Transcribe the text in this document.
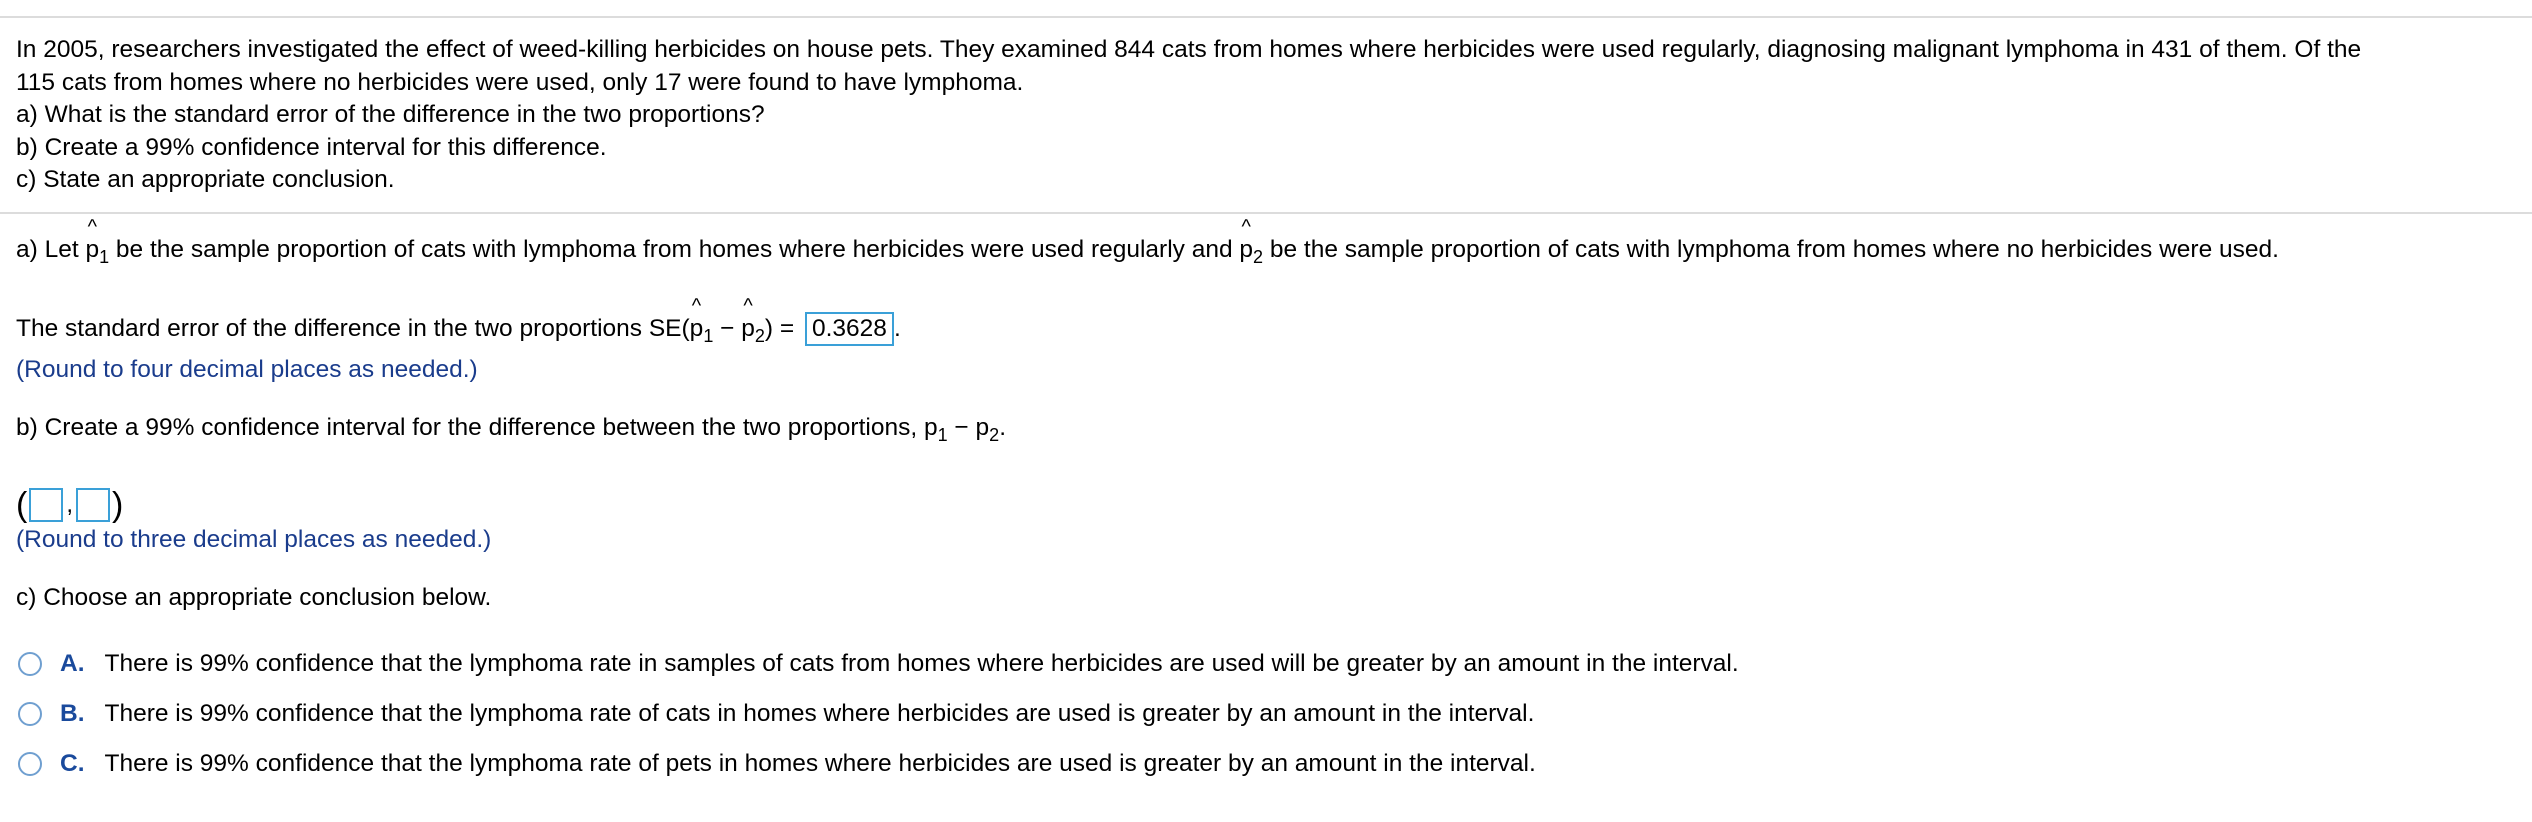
In 2005, researchers investigated the effect of weed-killing herbicides on house pets. They examined 844 cats from homes where herbicides were used regularly, diagnosing malignant lymphoma in 431 of them. Of the
115 cats from homes where no herbicides were used, only 17 were found to have lymphoma.
a) What is the standard error of the difference in the two proportions?
b) Create a 99% confidence interval for this difference.
c) State an appropriate conclusion.
a) Let
^
$p_1$ be the sample proportion of cats with lymphoma from homes where herbicides were used regularly and
^
$p_2$ be the sample proportion of cats with lymphoma from homes where no herbicides were used.
The standard error of the difference in the two proportions SE(
^
$p_1$ −
^
$p_2) = 0.3628$ .
(Round to four decimal places as needed.)
b) Create a 99% confidence interval for the difference between the two proportions, $p_1 - p_2$.
( , )
(Round to three decimal places as needed.)
c) Choose an appropriate conclusion below.
A. There is 99% confidence that the lymphoma rate in samples of cats from homes where herbicides are used will be greater by an amount in the interval.
B. There is 99% confidence that the lymphoma rate of cats in homes where herbicides are used is greater by an amount in the interval.
C. There is 99% confidence that the lymphoma rate of pets in homes where herbicides are used is greater by an amount in the interval.
